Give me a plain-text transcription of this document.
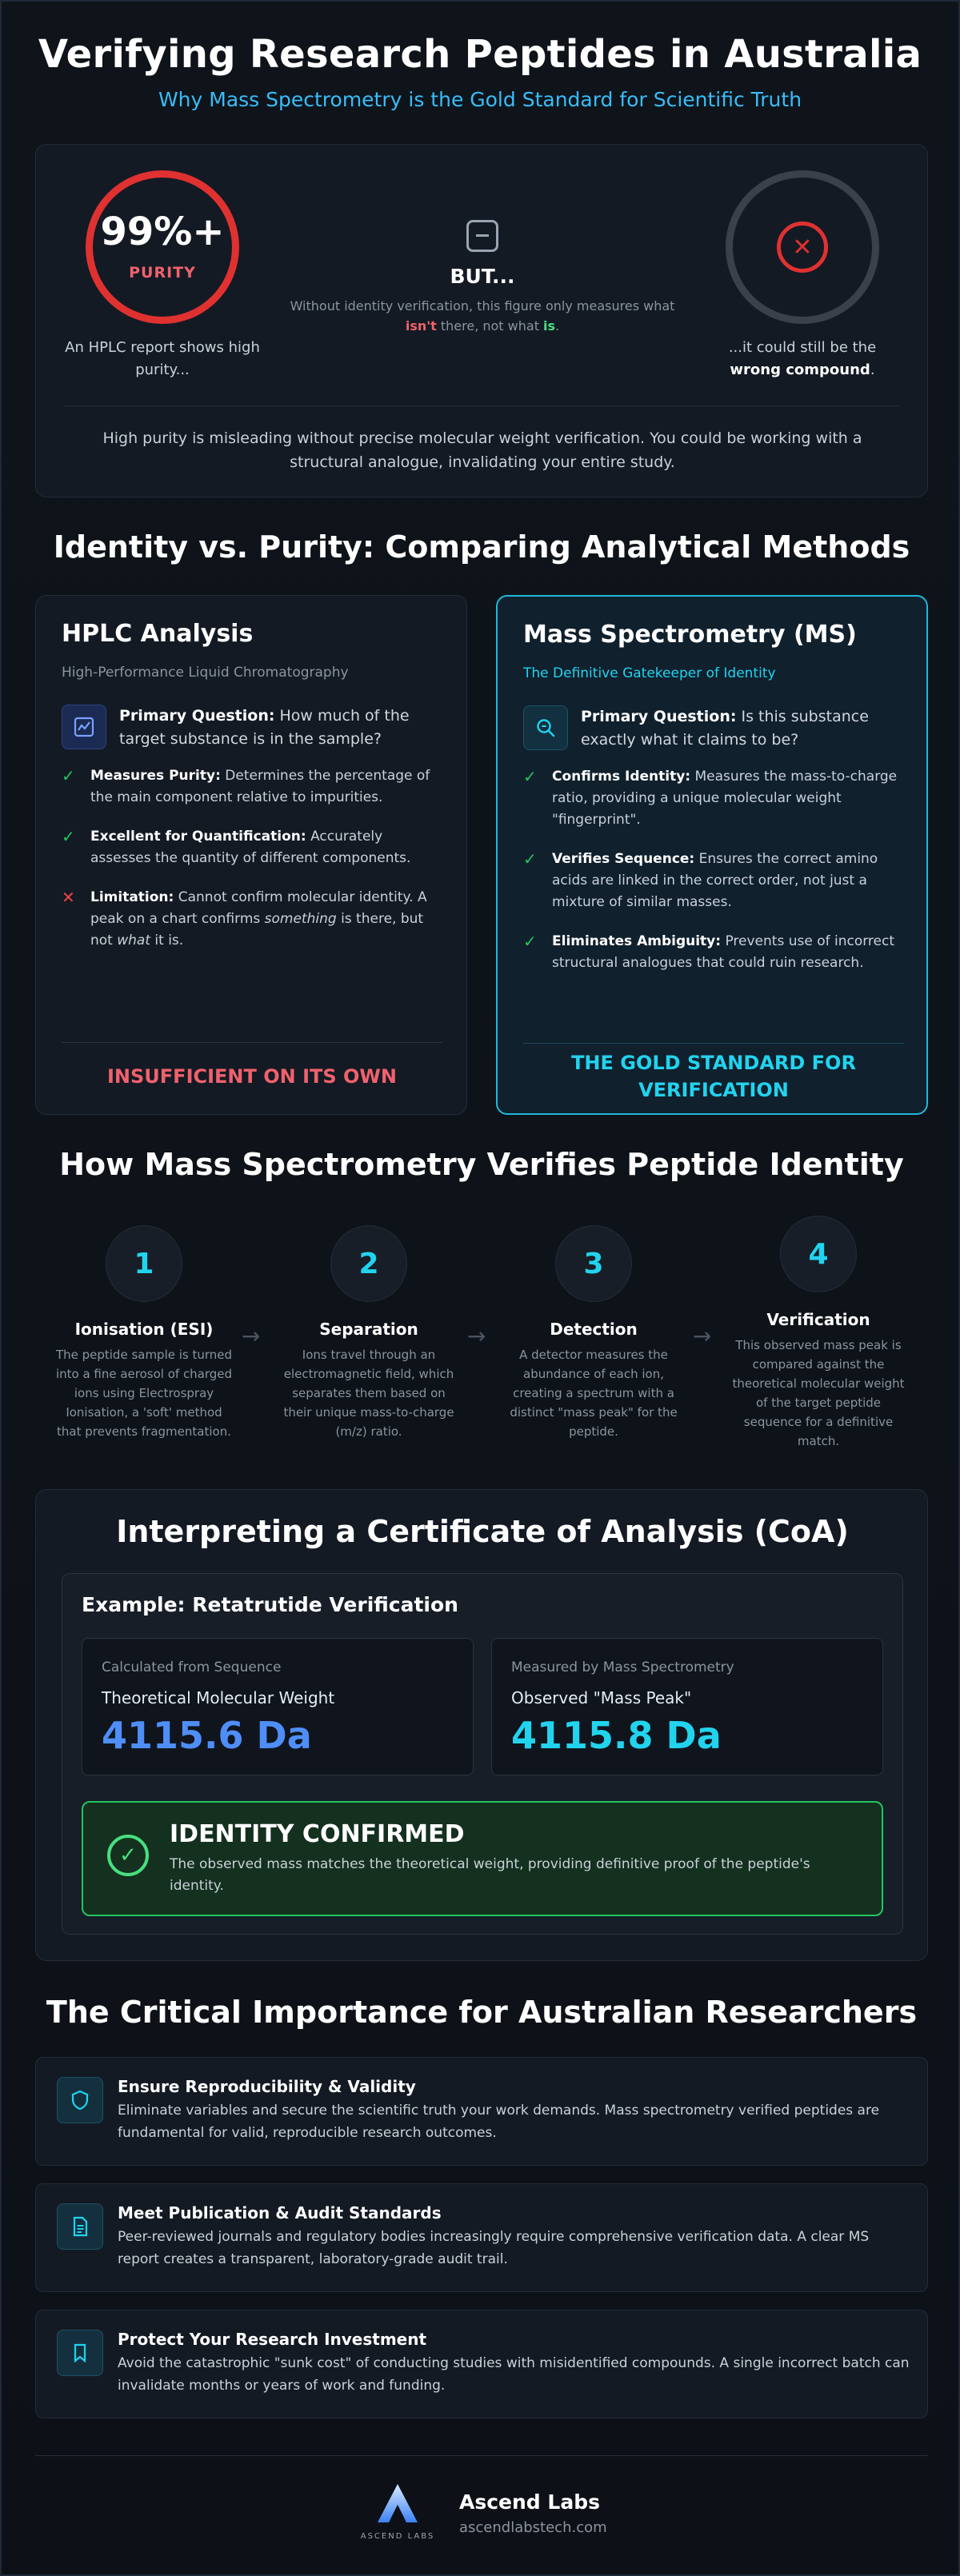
Verifying Research Peptides in Australia
Why Mass Spectrometry is the Gold Standard for Scientific Truth
99%+
PURITY
An HPLC report shows high purity...
BUT...

Without identity verification, this figure only measures what isn't there, not what is.

✕
...it could still be the
wrong compound.
High purity is misleading without precise molecular weight verification. You could be working with a structural analogue, invalidating your entire study.
Identity vs. Purity: Comparing Analytical Methods
HPLC Analysis
High-Performance Liquid Chromatography
Primary Question: How much of the target substance is in the sample?
✓	Measures Purity: Determines the percentage of the main component relative to impurities.
✓	Excellent for Quantification: Accurately assesses the quantity of different components.
✕	Limitation: Cannot confirm molecular identity. A peak on a chart confirms something is there, but not what it is.
INSUFFICIENT ON ITS OWN
Mass Spectrometry (MS)
The Definitive Gatekeeper of Identity
Primary Question: Is this substance exactly what it claims to be?
✓	Confirms Identity: Measures the mass-to-charge ratio, providing a unique molecular weight "fingerprint".
✓	Verifies Sequence: Ensures the correct amino acids are linked in the correct order, not just a mixture of similar masses.
✓	Eliminates Ambiguity: Prevents use of incorrect structural analogues that could ruin research.
THE GOLD STANDARD FOR VERIFICATION
How Mass Spectrometry Verifies Peptide Identity
1
Ionisation (ESI)
The peptide sample is turned into a fine aerosol of charged ions using Electrospray Ionisation, a 'soft' method that prevents fragmentation.
→
2
Separation
Ions travel through an electromagnetic field, which separates them based on their unique mass-to-charge (m/z) ratio.
→
3
Detection
A detector measures the abundance of each ion, creating a spectrum with a distinct "mass peak" for the peptide.
→
4
Verification
This observed mass peak is compared against the theoretical molecular weight of the target peptide sequence for a definitive match.
Interpreting a Certificate of Analysis (CoA)
Example: Retatrutide Verification
Calculated from Sequence
Theoretical Molecular Weight
4115.6 Da
Measured by Mass Spectrometry
Observed "Mass Peak"
4115.8 Da
✓
IDENTITY CONFIRMED
The observed mass matches the theoretical weight, providing definitive proof of the peptide's identity.
The Critical Importance for Australian Researchers
Ensure Reproducibility & Validity
Eliminate variables and secure the scientific truth your work demands. Mass spectrometry verified peptides are fundamental for valid, reproducible research outcomes.
Meet Publication & Audit Standards
Peer-reviewed journals and regulatory bodies increasingly require comprehensive verification data. A clear MS report creates a transparent, laboratory-grade audit trail.
Protect Your Research Investment
Avoid the catastrophic "sunk cost" of conducting studies with misidentified compounds. A single incorrect batch can invalidate months or years of work and funding.
ASCEND LABS
Ascend Labs
ascendlabstech.com
